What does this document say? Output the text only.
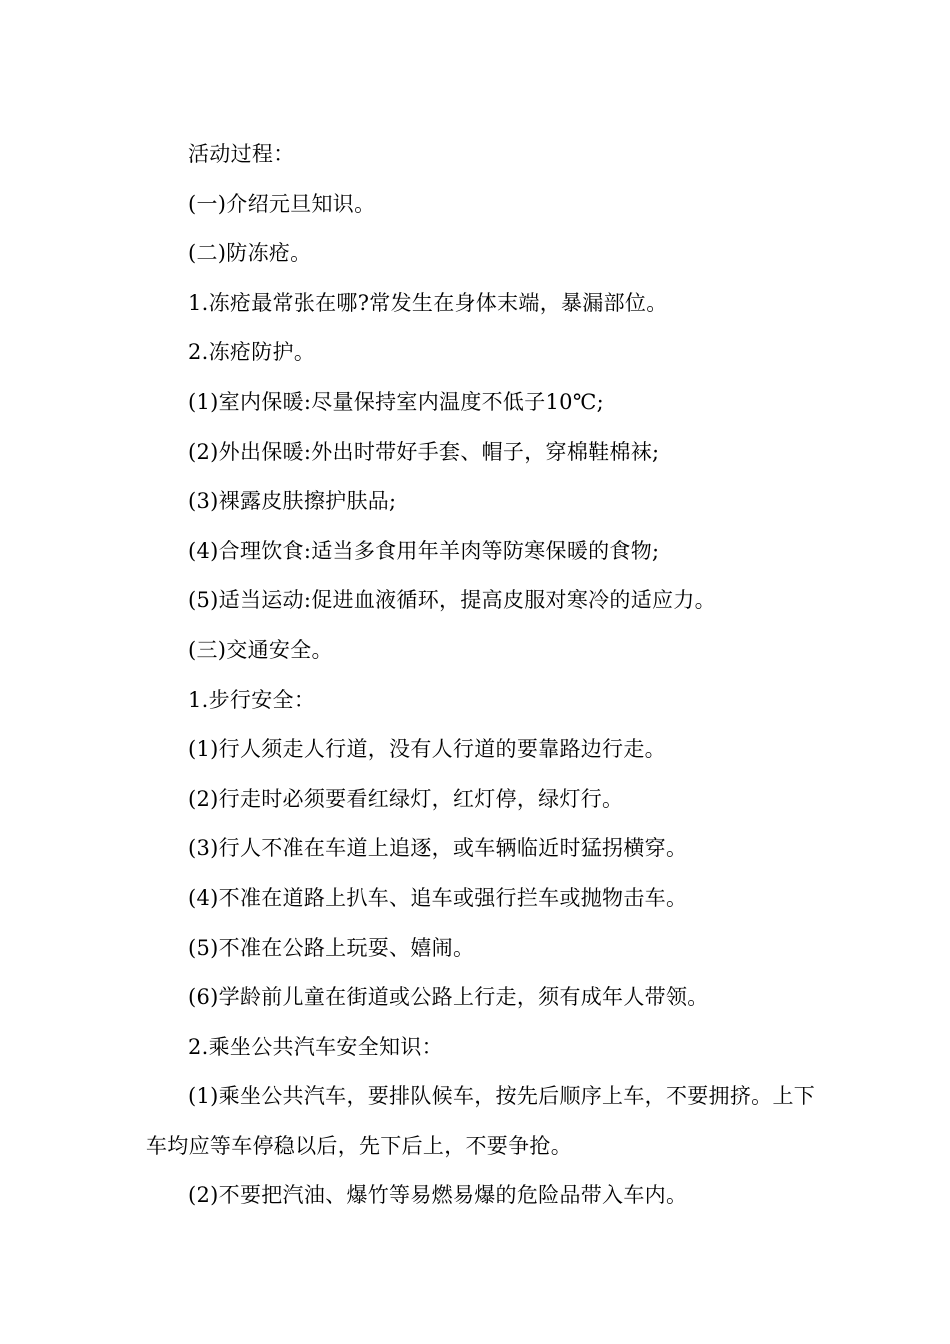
活动过程：

(一)介绍元旦知识。

(二)防冻疮。

1.冻疮最常张在哪?常发生在身体末端，暴漏部位。

2.冻疮防护。

(1)室内保暖:尽量保持室内温度不低子10℃;

(2)外出保暖:外出时带好手套、帽子，穿棉鞋棉袜;

(3)裸露皮肤擦护肤品;

(4)合理饮食:适当多食用年羊肉等防寒保暖的食物;

(5)适当运动:促进血液循环，提高皮服对寒冷的适应力。

(三)交通安全。

1.步行安全：

(1)行人须走人行道，没有人行道的要靠路边行走。

(2)行走时必须要看红绿灯，红灯停，绿灯行。

(3)行人不准在车道上追逐，或车辆临近时猛拐横穿。

(4)不准在道路上扒车、追车或强行拦车或抛物击车。

(5)不准在公路上玩耍、嬉闹。

(6)学龄前儿童在街道或公路上行走，须有成年人带领。

2.乘坐公共汽车安全知识：

(1)乘坐公共汽车，要排队候车，按先后顺序上车，不要拥挤。上下车均应等车停稳以后，先下后上，不要争抢。

(2)不要把汽油、爆竹等易燃易爆的危险品带入车内。
